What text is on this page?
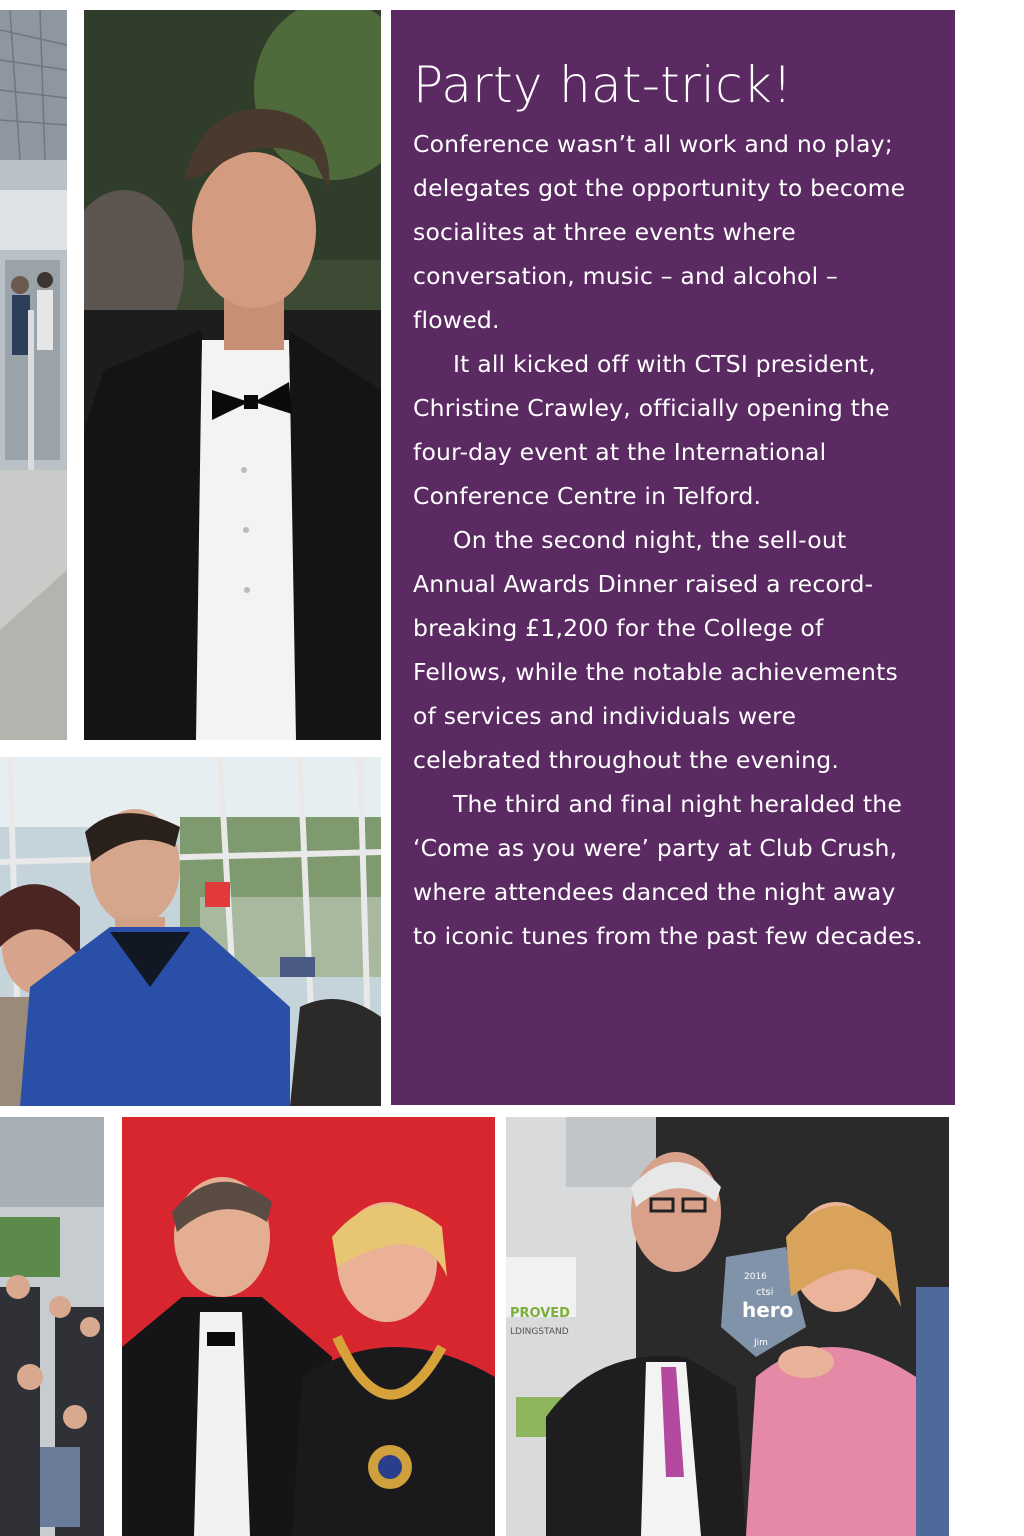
PROVED
LDINGSTAND
2016
ctsi
hero
Jim
Party hat-trick!

Conference wasn’t all work and no play; delegates got the opportunity to become socialites at three events where conversation, music – and alcohol – flowed.

It all kicked off with CTSI president, Christine Crawley, officially opening the four-day event at the International Conference Centre in Telford.

On the second night, the sell-out Annual Awards Dinner raised a record-breaking £1,200 for the College of Fellows, while the notable achievements of services and individuals were celebrated throughout the evening.

The third and final night heralded the ‘Come as you were’ party at Club Crush, where attendees danced the night away to iconic tunes from the past few decades.
